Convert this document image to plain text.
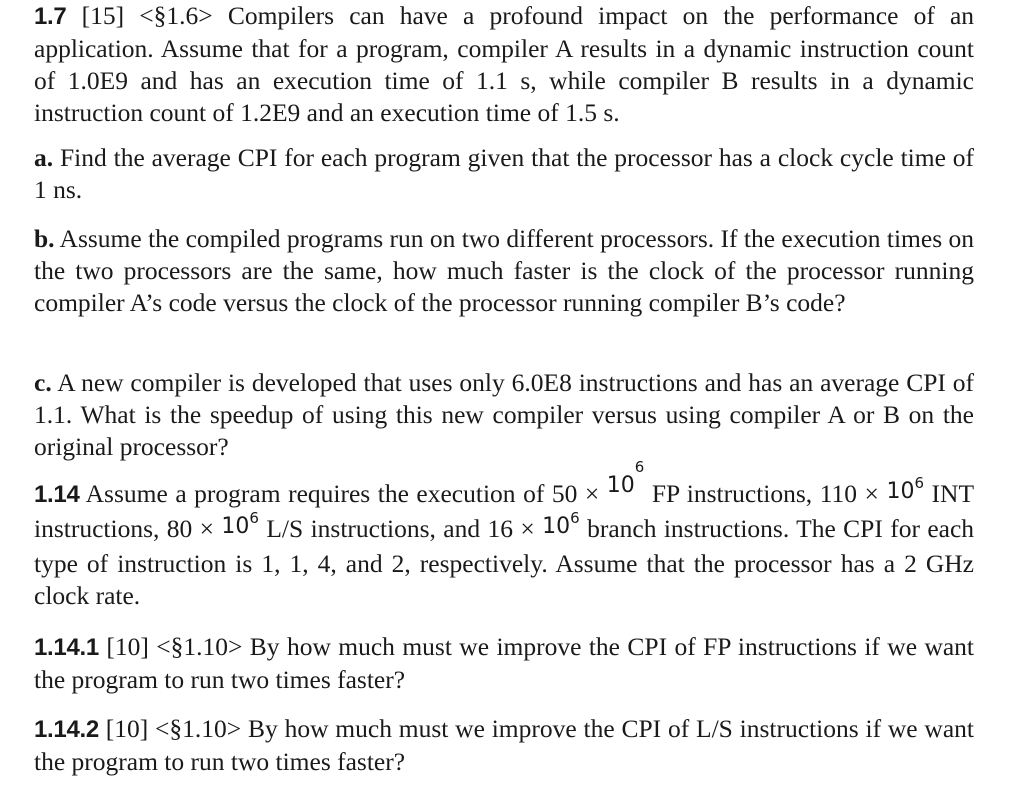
1.7 [15] <§1.6> Compilers can have a profound impact on the performance of an application. Assume that for a program, compiler A results in a dynamic instruction count of 1.0E9 and has an execution time of 1.1 s, while compiler B results in a dynamic instruction count of 1.2E9 and an execution time of 1.5 s.

a. Find the average CPI for each program given that the processor has a clock cycle time of 1 ns.

b. Assume the compiled programs run on two different processors. If the execution times on the two processors are the same, how much faster is the clock of the processor running compiler A’s code versus the clock of the processor running compiler B’s code?

c. A new compiler is developed that uses only 6.0E8 instructions and has an average CPI of 1.1. What is the speedup of using this new compiler versus using compiler A or B on the original processor?

1.14 Assume a program requires the execution of $50 \times 10^6$ FP instructions, $110 \times 10^6$ INT instructions, $80 \times 10^6$ L/S instructions, and $16 \times 10^6$ branch instructions. The CPI for each type of instruction is 1, 1, 4, and 2, respectively. Assume that the processor has a 2 GHz clock rate.

1.14.1 [10] <§1.10> By how much must we improve the CPI of FP instructions if we want the program to run two times faster?

1.14.2 [10] <§1.10> By how much must we improve the CPI of L/S instructions if we want the program to run two times faster?
